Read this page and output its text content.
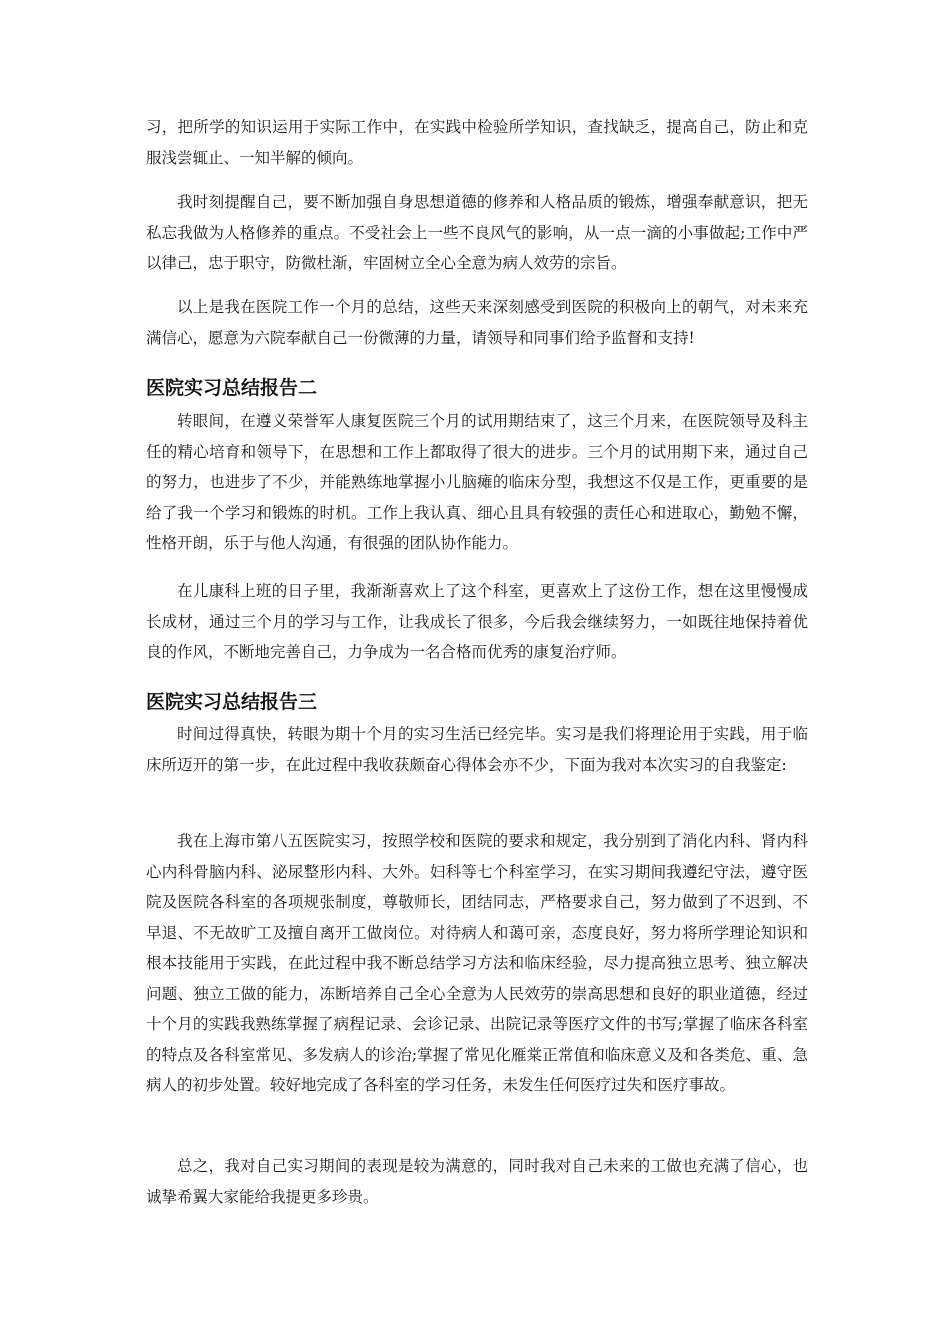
习，把所学的知识运用于实际工作中，在实践中检验所学知识，查找缺乏，提高自己，防止和克服浅尝辄止、一知半解的倾向。

我时刻提醒自己，要不断加强自身思想道德的修养和人格品质的锻炼，增强奉献意识，把无私忘我做为人格修养的重点。不受社会上一些不良风气的影响，从一点一滴的小事做起;工作中严以律己，忠于职守，防微杜渐，牢固树立全心全意为病人效劳的宗旨。

以上是我在医院工作一个月的总结，这些天来深刻感受到医院的积极向上的朝气，对未来充满信心，愿意为六院奉献自己一份微薄的力量，请领导和同事们给予监督和支持!

医院实习总结报告二

转眼间，在遵义荣誉军人康复医院三个月的试用期结束了，这三个月来，在医院领导及科主任的精心培育和领导下，在思想和工作上都取得了很大的进步。三个月的试用期下来，通过自己的努力，也进步了不少，并能熟练地掌握小儿脑瘫的临床分型，我想这不仅是工作，更重要的是给了我一个学习和锻炼的时机。工作上我认真、细心且具有较强的责任心和进取心，勤勉不懈，性格开朗，乐于与他人沟通，有很强的团队协作能力。

在儿康科上班的日子里，我渐渐喜欢上了这个科室，更喜欢上了这份工作，想在这里慢慢成长成材，通过三个月的学习与工作，让我成长了很多，今后我会继续努力，一如既往地保持着优良的作风，不断地完善自己，力争成为一名合格而优秀的康复治疗师。

医院实习总结报告三

时间过得真快，转眼为期十个月的实习生活已经完毕。实习是我们将理论用于实践，用于临床所迈开的第一步，在此过程中我收获颇奋心得体会亦不少，下面为我对本次实习的自我鉴定:

我在上海市第八五医院实习，按照学校和医院的要求和规定，我分别到了消化内科、肾内科心内科骨脑内科、泌尿整形内科、大外。妇科等七个科室学习，在实习期间我遵纪守法，遵守医院及医院各科室的各项规张制度，尊敬师长，团结同志，严格要求自己，努力做到了不迟到、不早退、不无故旷工及擅自离开工做岗位。对待病人和蔼可亲，态度良好，努力将所学理论知识和根本技能用于实践，在此过程中我不断总结学习方法和临床经验，尽力提高独立思考、独立解决问题、独立工做的能力，冻断培养自己全心全意为人民效劳的崇高思想和良好的职业道德，经过十个月的实践我熟练掌握了病程记录、会诊记录、出院记录等医疗文件的书写;掌握了临床各科室的特点及各科室常见、多发病人的诊治;掌握了常见化雁棠正常值和临床意义及和各类危、重、急病人的初步处置。较好地完成了各科室的学习任务，未发生任何医疗过失和医疗事故。

总之，我对自己实习期间的表现是较为满意的，同时我对自己未来的工做也充满了信心，也诚挚希翼大家能给我提更多珍贵。
